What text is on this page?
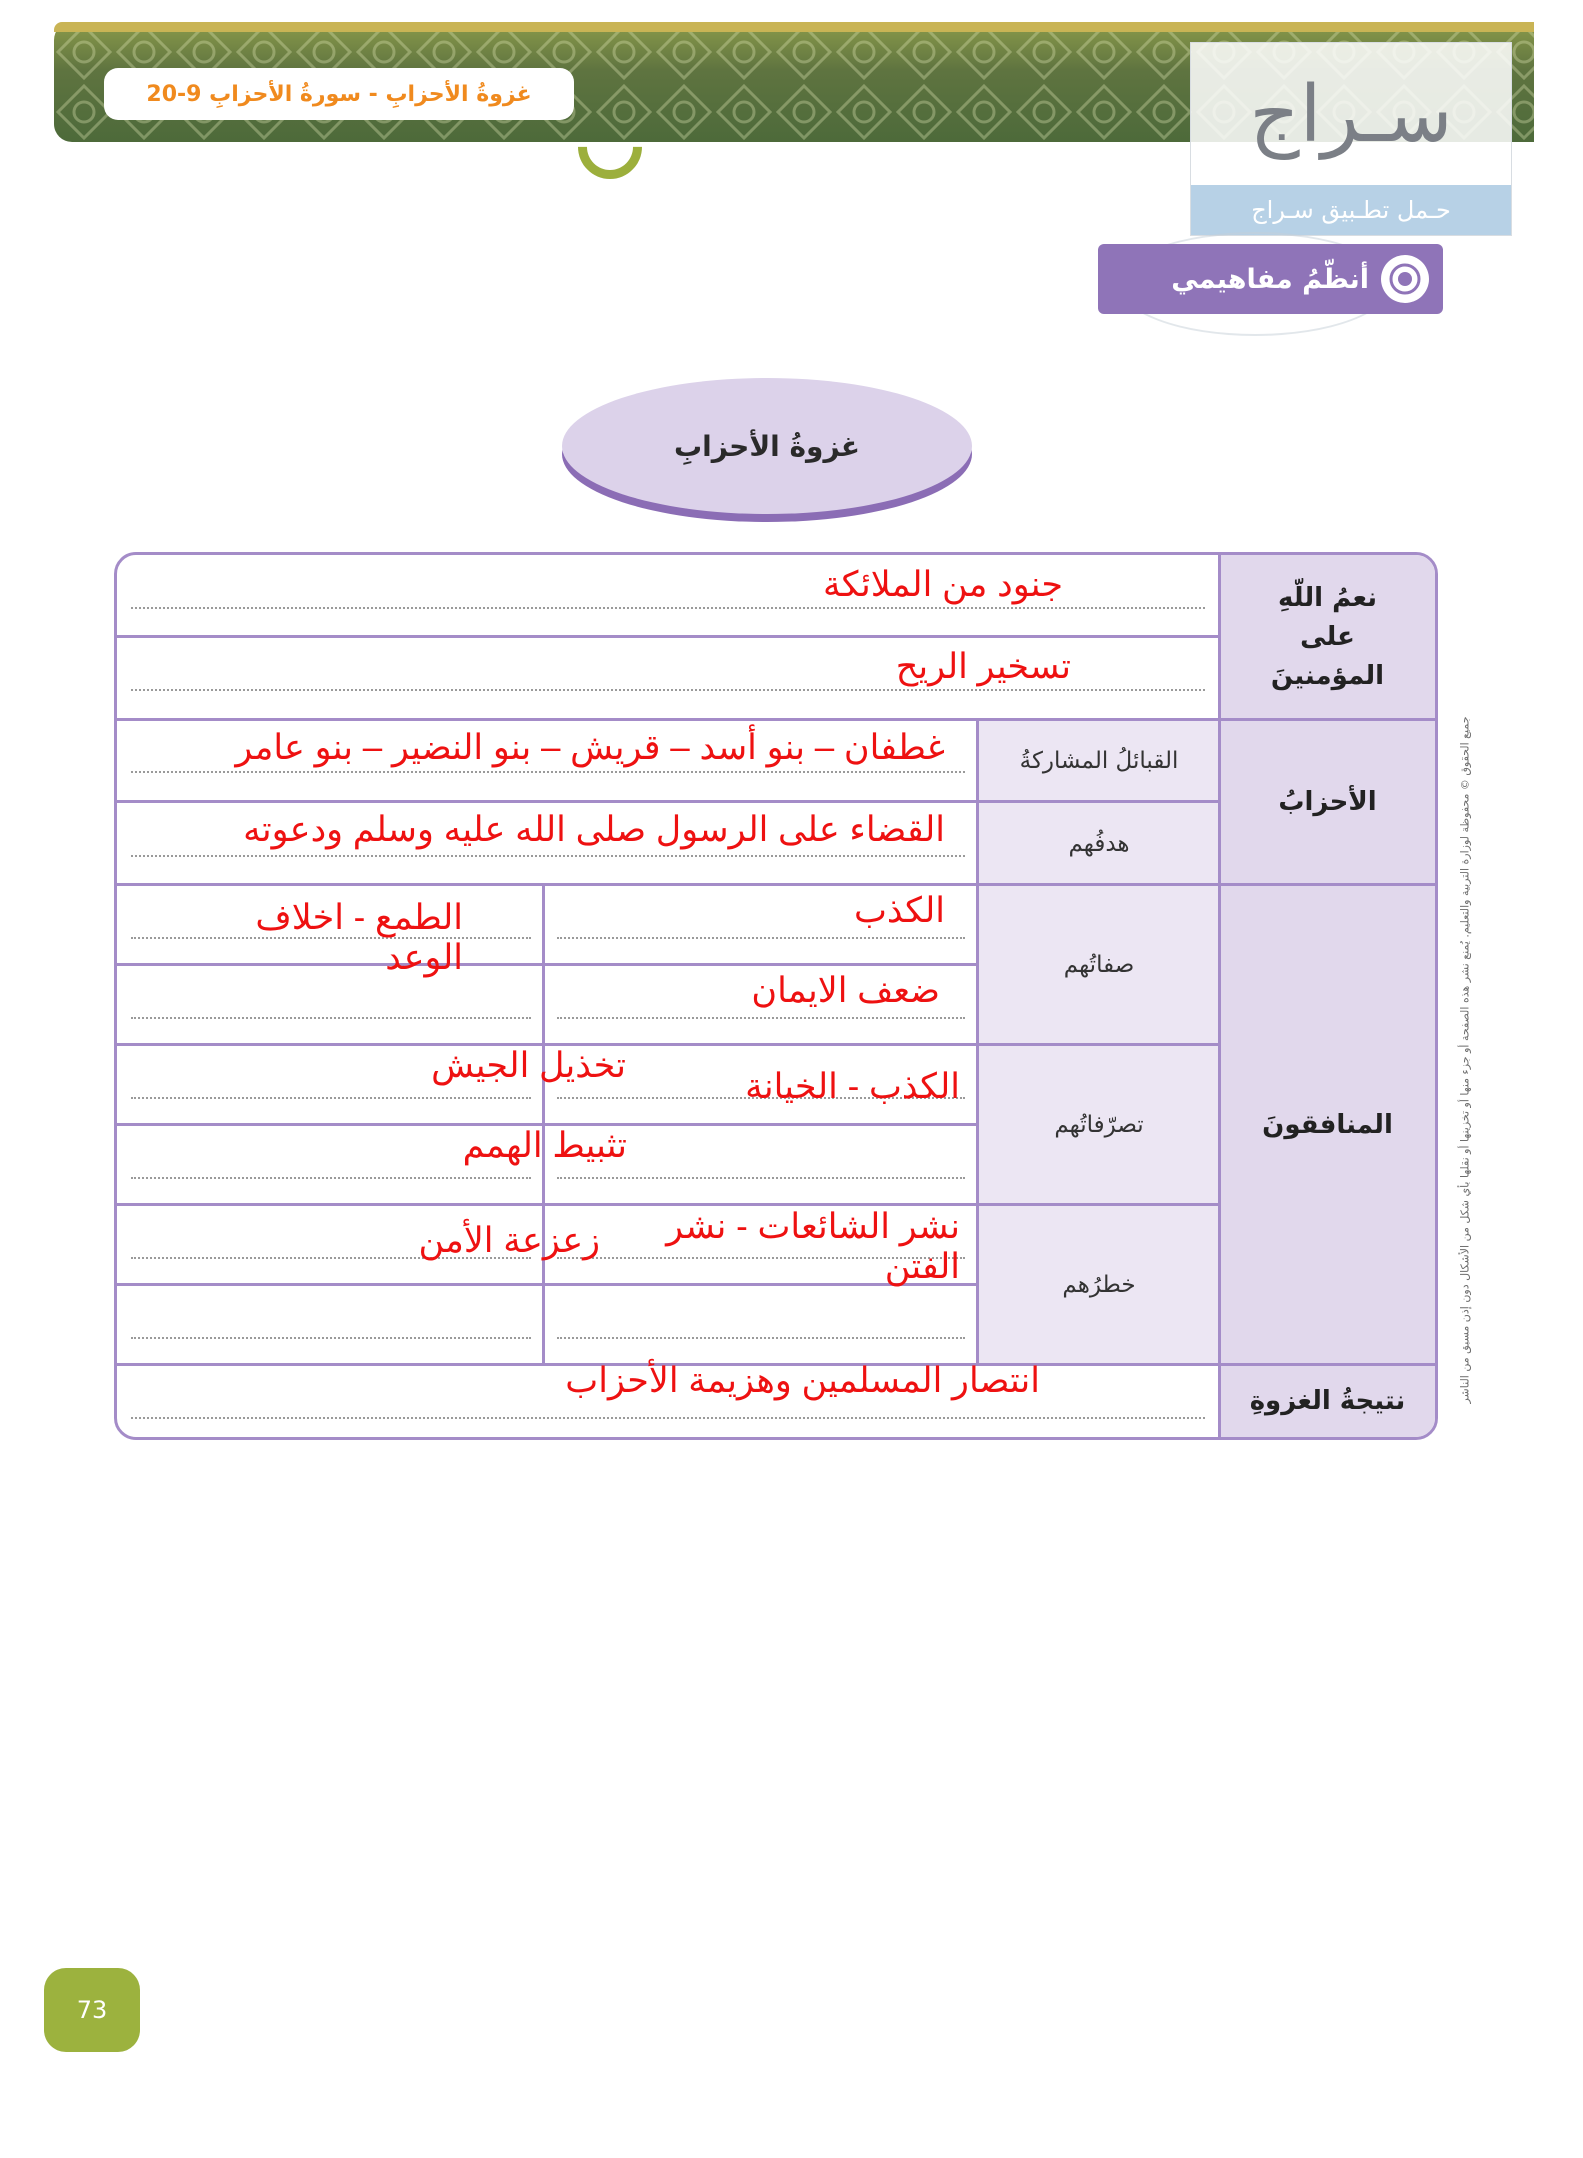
غزوةُ الأحزابِ - سورةُ الأحزابِ 9-20	سـراج
حـمل تطـبيق سـراج
أنظّمُ مفاهيمي
غزوةُ الأحزابِ
نعمُ اللّهِ على المؤمنينَ
الأحزابُ
المنافقونَ
نتيجةُ الغزوةِ
القبائلُ المشاركةُ
هدفُهم
صفاتُهم
تصرّفاتُهم
خطرُهم
جنود من الملائكة
تسخير الريح
غطفان – بنو أسد – قريش – بنو النضير – بنو عامر
القضاء على الرسول صلى الله عليه وسلم ودعوته
الكذب
ضعف الايمان
الطمع - اخلاف الوعد
الكذب - الخيانة
تخذيل الجيش
تثبيط الهمم
نشر الشائعات - نشر الفتن
زعزعة الأمن
انتصار المسلمين وهزيمة الأحزاب	جميع الحقوق © محفوظة لوزارة التربية والتعليم. يُمنع نشر هذه الصفحة أو جزء منها أو تخزينها أو نقلها بأي شكل من الأشكال دون إذن مسبق من الناشر
73
